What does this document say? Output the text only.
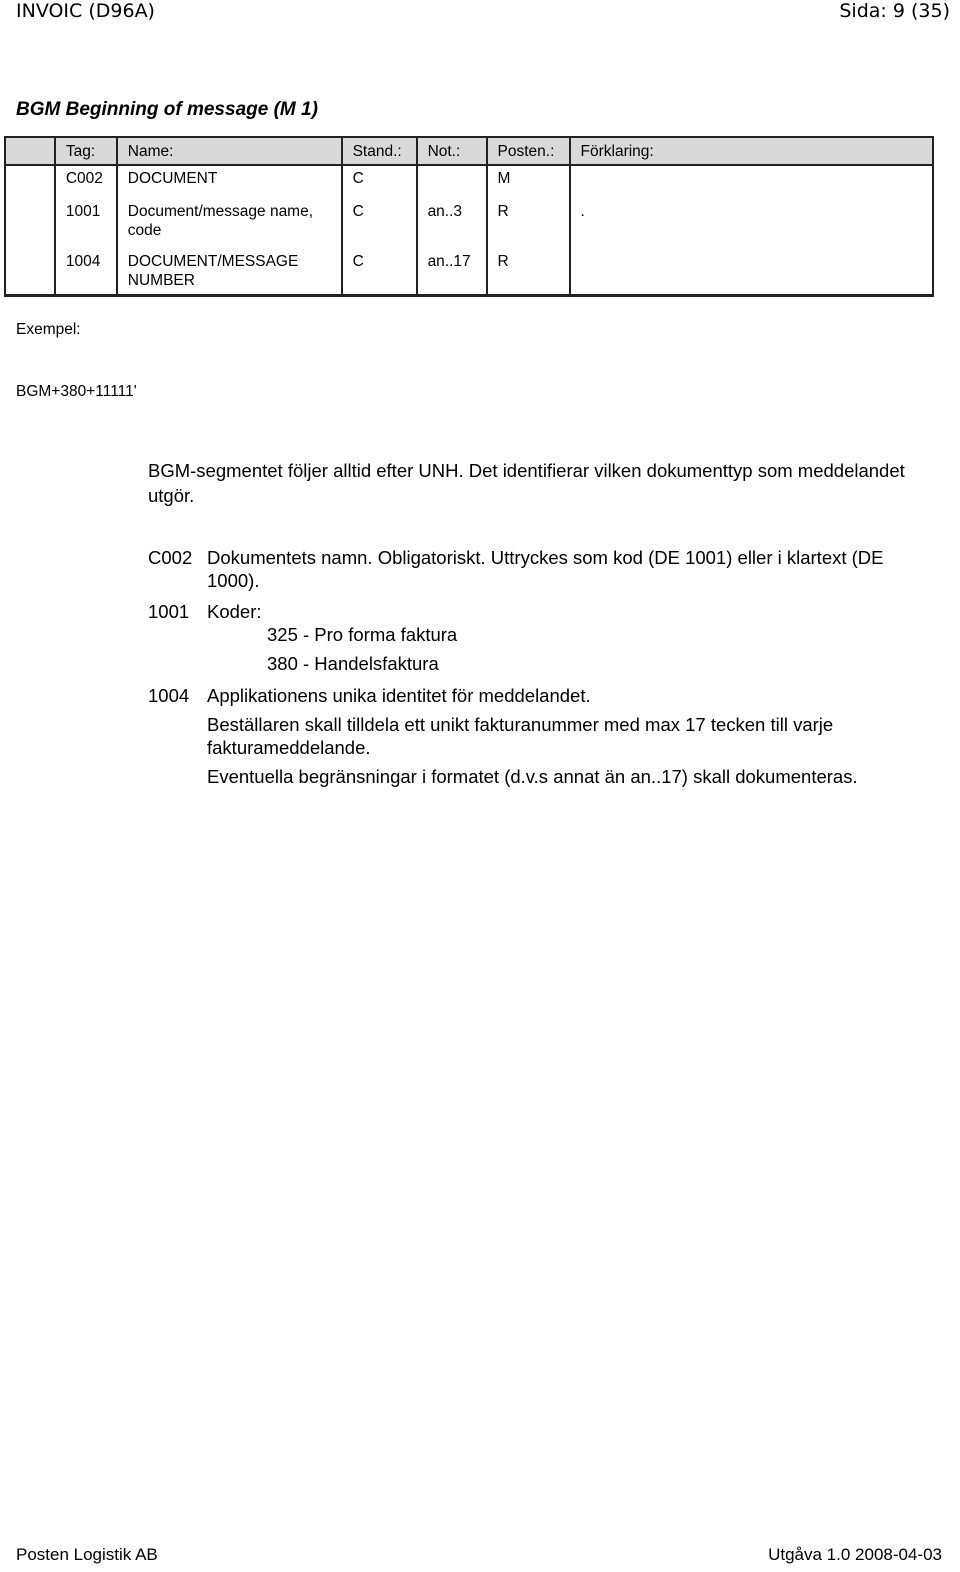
INVOIC (D96A)	Sida: 9 (35)
BGM Beginning of message (M 1)
	Tag:	Name:	Stand.:	Not.:	Posten.:	Förklaring:
	C002	DOCUMENT	C		M	
	1001	Document/message name, code	C	an..3	R	.
	1004	DOCUMENT/MESSAGE NUMBER	C	an..17	R	
Exempel:
BGM+380+11111'
BGM-segmentet följer alltid efter UNH. Det identifierar vilken dokumenttyp som meddelandet utgör.
C002 Dokumentets namn. Obligatoriskt. Uttryckes som kod (DE 1001) eller i klartext (DE 1000).
1001 Koder:
325 - Pro forma faktura
380 - Handelsfaktura
1004 Applikationens unika identitet för meddelandet.
Beställaren skall tilldela ett unikt fakturanummer med max 17 tecken till varje fakturameddelande.
Eventuella begränsningar i formatet (d.v.s annat än an..17) skall dokumenteras.
Posten Logistik AB	Utgåva 1.0 2008-04-03
